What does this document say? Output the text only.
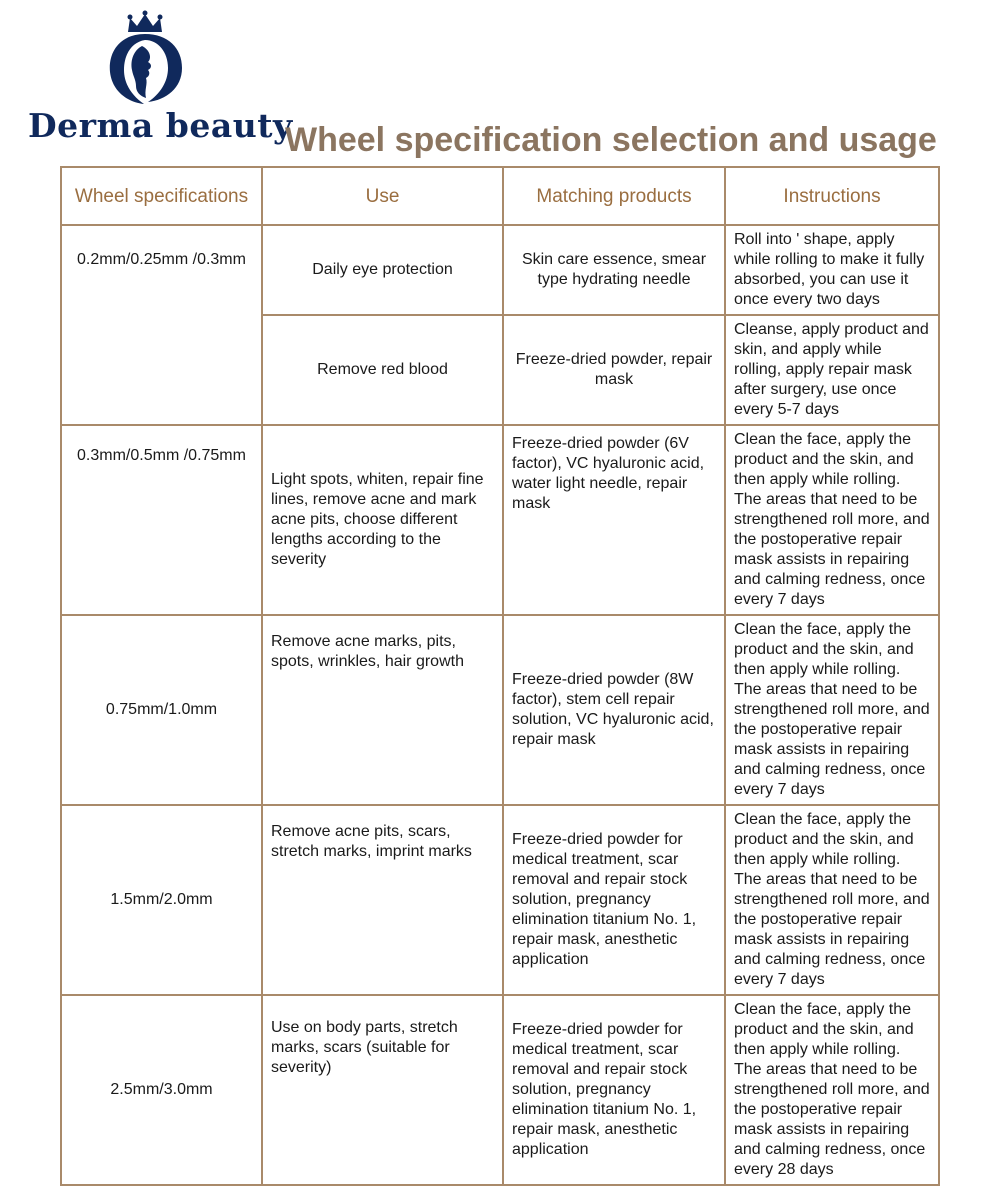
Derma beauty
Wheel specification selection and usage
Wheel specifications	Use	Matching products	Instructions
0.2mm/0.25mm /0.3mm	Daily eye protection	Skin care essence, smear type hydrating needle	Roll into ' shape, apply while rolling to make it fully absorbed, you can use it once every two days
	Remove red blood	Freeze-dried powder, repair mask	Cleanse, apply product and skin, and apply while rolling, apply repair mask after surgery, use once every 5-7 days
0.3mm/0.5mm /0.75mm	Light spots, whiten, repair fine lines, remove acne and mark acne pits, choose different lengths according to the severity	Freeze-dried powder (6V factor), VC hyaluronic acid, water light needle, repair mask	Clean the face, apply the product and the skin, and then apply while rolling. The areas that need to be strengthened roll more, and the postoperative repair mask assists in repairing and calming redness, once every 7 days
0.75mm/1.0mm	Remove acne marks, pits, spots, wrinkles, hair growth	Freeze-dried powder (8W factor), stem cell repair solution, VC hyaluronic acid, repair mask	Clean the face, apply the product and the skin, and then apply while rolling. The areas that need to be strengthened roll more, and the postoperative repair mask assists in repairing and calming redness, once every 7 days
1.5mm/2.0mm	Remove acne pits, scars, stretch marks, imprint marks	Freeze-dried powder for medical treatment, scar removal and repair stock solution, pregnancy elimination titanium No. 1, repair mask, anesthetic application	Clean the face, apply the product and the skin, and then apply while rolling. The areas that need to be strengthened roll more, and the postoperative repair mask assists in repairing and calming redness, once every 7 days
2.5mm/3.0mm	Use on body parts, stretch marks, scars (suitable for severity)	Freeze-dried powder for medical treatment, scar removal and repair stock solution, pregnancy elimination titanium No. 1, repair mask, anesthetic application	Clean the face, apply the product and the skin, and then apply while rolling. The areas that need to be strengthened roll more, and the postoperative repair mask assists in repairing and calming redness, once every 28 days
